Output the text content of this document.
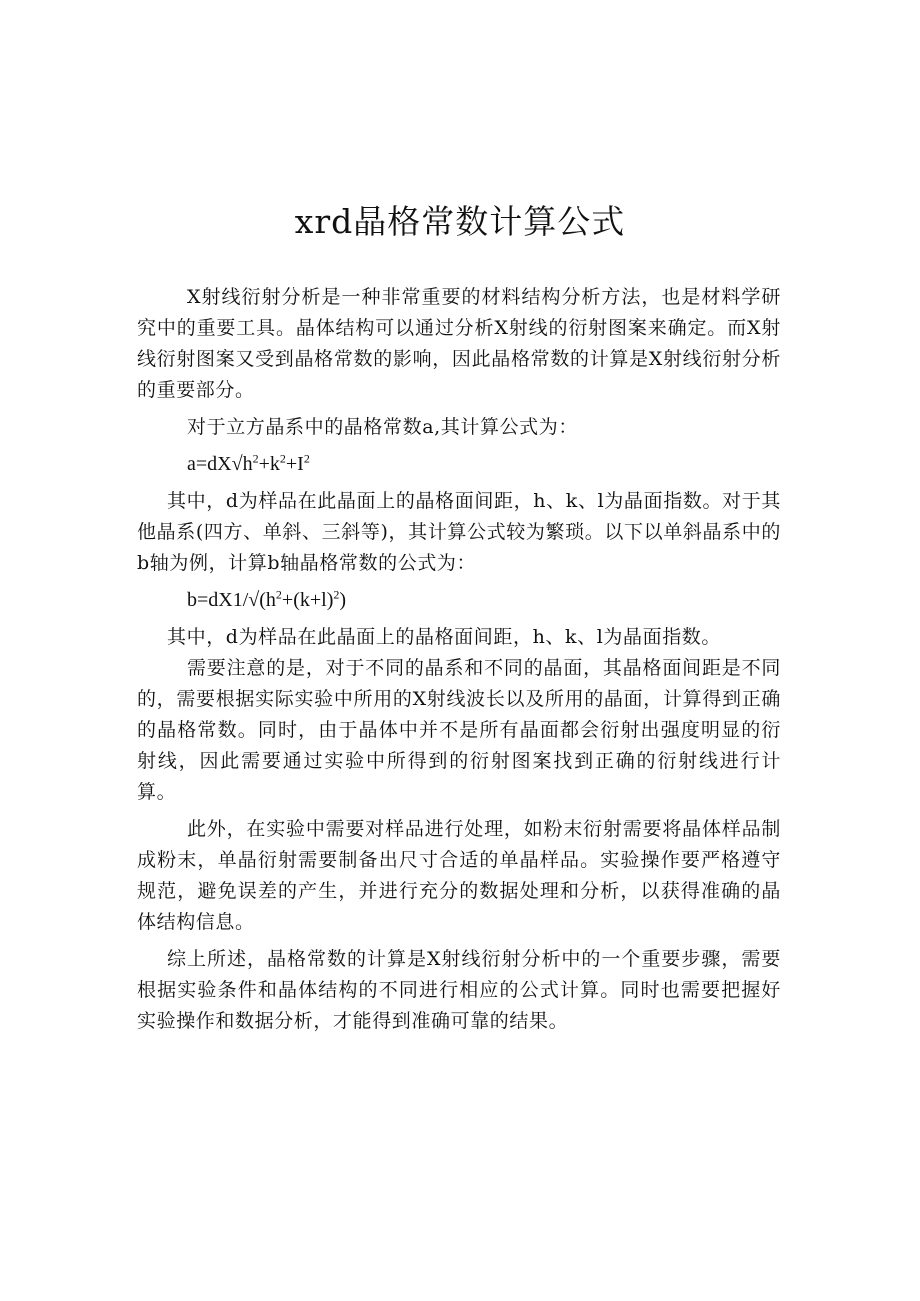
xrd晶格常数计算公式

X射线衍射分析是一种非常重要的材料结构分析方法，也是材料学研究中的重要工具。晶体结构可以通过分析X射线的衍射图案来确定。而X射线衍射图案又受到晶格常数的影响，因此晶格常数的计算是X射线衍射分析的重要部分。

对于立方晶系中的晶格常数a,其计算公式为：

$a=dX√h^2+k^2+I^2$

其中，d为样品在此晶面上的晶格面间距，h、k、l为晶面指数。对于其他晶系(四方、单斜、三斜等)，其计算公式较为繁琐。以下以单斜晶系中的b轴为例，计算b轴晶格常数的公式为：

$b=dX1/√(h^2+(k+l)^2)$

其中，d为样品在此晶面上的晶格面间距，h、k、l为晶面指数。

需要注意的是，对于不同的晶系和不同的晶面，其晶格面间距是不同的，需要根据实际实验中所用的X射线波长以及所用的晶面，计算得到正确的晶格常数。同时，由于晶体中并不是所有晶面都会衍射出强度明显的衍射线，因此需要通过实验中所得到的衍射图案找到正确的衍射线进行计算。

此外，在实验中需要对样品进行处理，如粉末衍射需要将晶体样品制成粉末，单晶衍射需要制备出尺寸合适的单晶样品。实验操作要严格遵守规范，避免误差的产生，并进行充分的数据处理和分析，以获得准确的晶体结构信息。

综上所述，晶格常数的计算是X射线衍射分析中的一个重要步骤，需要根据实验条件和晶体结构的不同进行相应的公式计算。同时也需要把握好实验操作和数据分析，才能得到准确可靠的结果。
